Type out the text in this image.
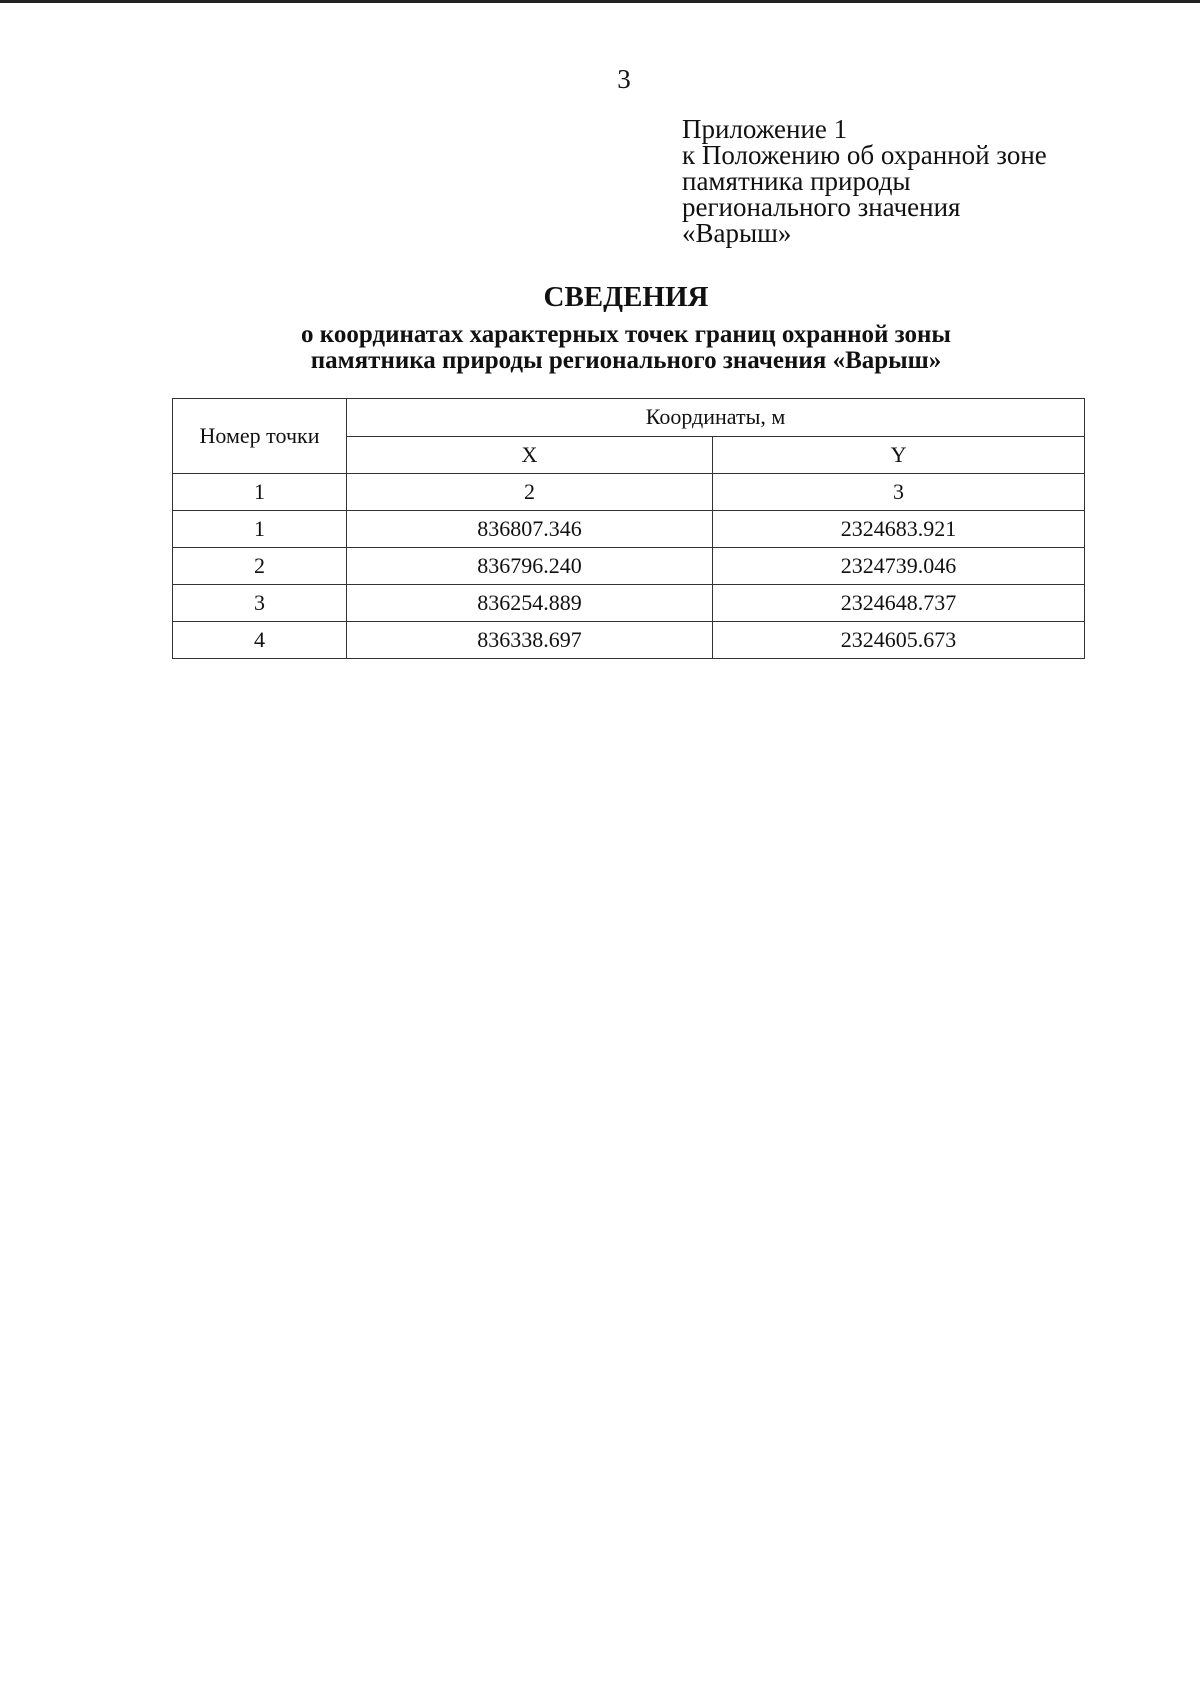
3
Приложение 1
к Положению об охранной зоне
памятника природы
регионального значения
«Варыш»
СВЕДЕНИЯ
о координатах характерных точек границ охранной зоны
памятника природы регионального значения «Варыш»
Номер точки	Координаты, м	
	X	Y
1	2	3
1	836807.346	2324683.921
2	836796.240	2324739.046
3	836254.889	2324648.737
4	836338.697	2324605.673
